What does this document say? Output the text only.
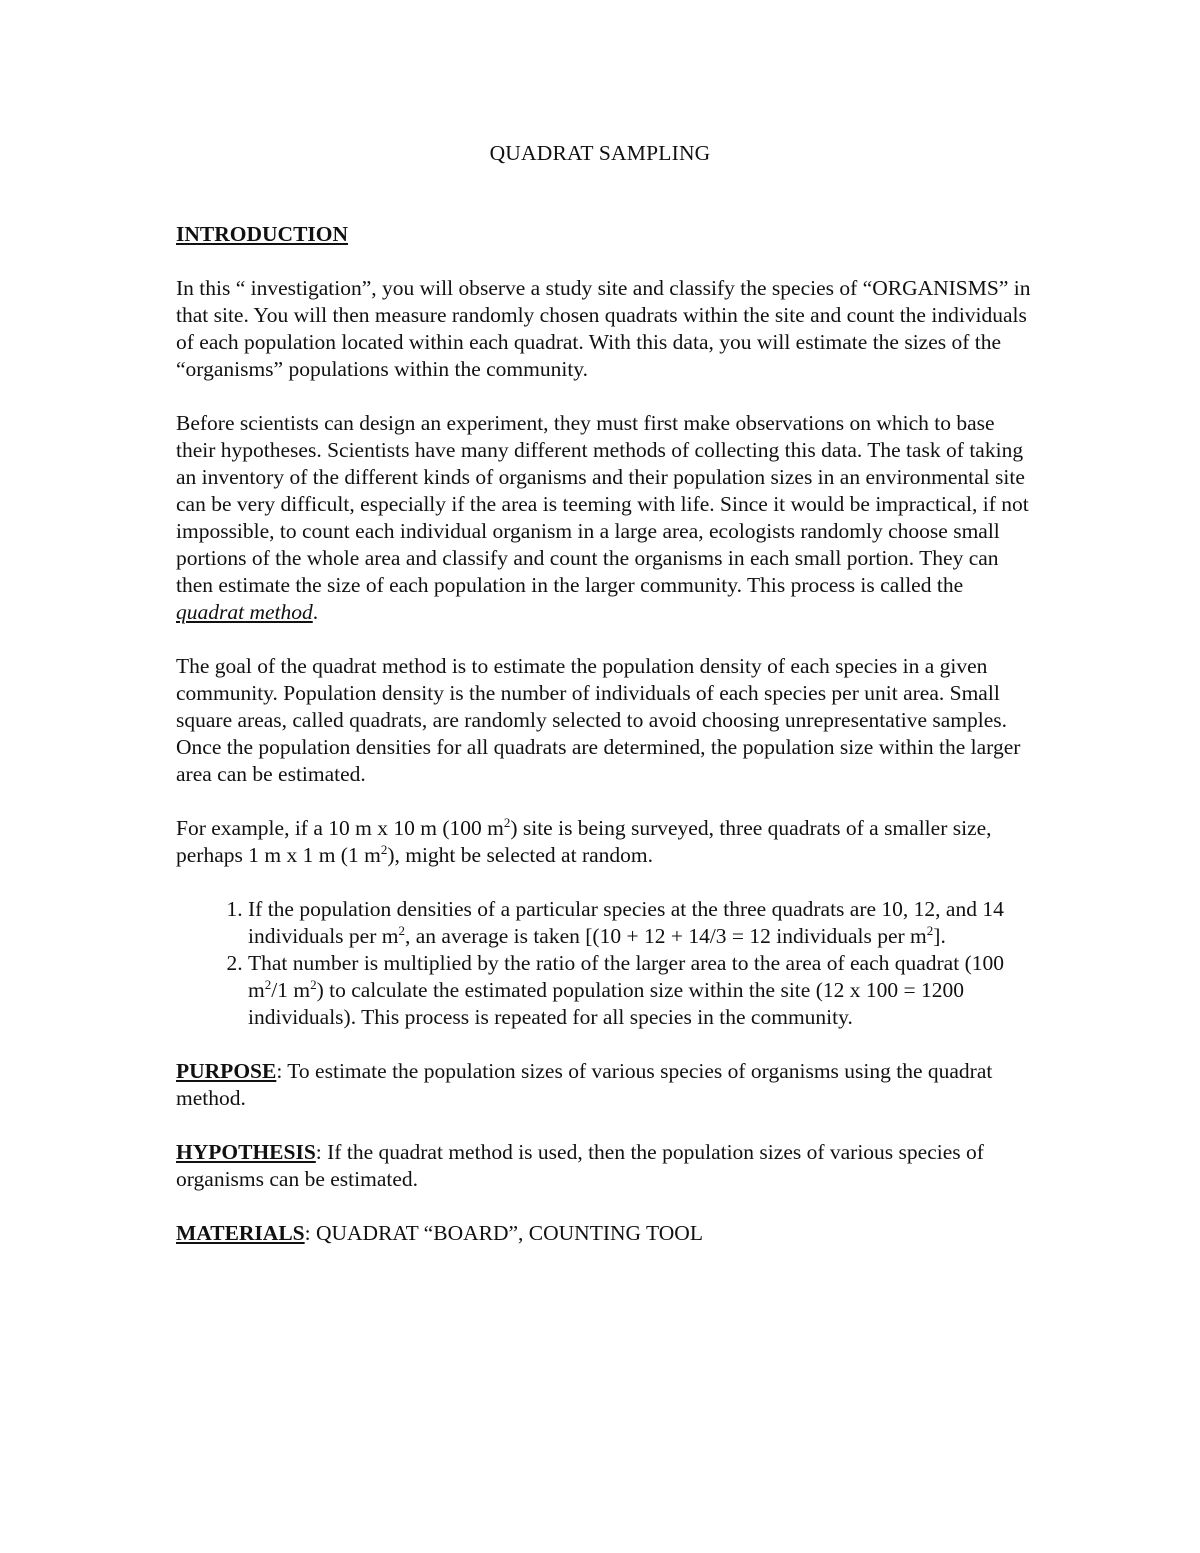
QUADRAT SAMPLING
INTRODUCTION

In this “ investigation”, you will observe a study site and classify the species of “ORGANISMS” in that site. You will then measure randomly chosen quadrats within the site and count the individuals of each population located within each quadrat. With this data, you will estimate the sizes of the “organisms” populations within the community.

Before scientists can design an experiment, they must first make observations on which to base their hypotheses. Scientists have many different methods of collecting this data. The task of taking an inventory of the different kinds of organisms and their population sizes in an environmental site can be very difficult, especially if the area is teeming with life. Since it would be impractical, if not impossible, to count each individual organism in a large area, ecologists randomly choose small portions of the whole area and classify and count the organisms in each small portion. They can then estimate the size of each population in the larger community. This process is called the quadrat method.

The goal of the quadrat method is to estimate the population density of each species in a given community. Population density is the number of individuals of each species per unit area. Small square areas, called quadrats, are randomly selected to avoid choosing unrepresentative samples. Once the population densities for all quadrats are determined, the population size within the larger area can be estimated.

For example, if a 10 m x 10 m (100 $m^2$) site is being surveyed, three quadrats of a smaller size, perhaps 1 m x 1 m (1 $m^2$), might be selected at random.

1. If the population densities of a particular species at the three quadrats are 10, 12, and 14 individuals per $m^2$, an average is taken [(10 + 12 + 14/3 = 12 individuals per $m^2$].
2. That number is multiplied by the ratio of the larger area to the area of each quadrat (100 $m^2/1$ $m^2$) to calculate the estimated population size within the site (12 x 100 = 1200 individuals). This process is repeated for all species in the community.

PURPOSE: To estimate the population sizes of various species of organisms using the quadrat method.

HYPOTHESIS: If the quadrat method is used, then the population sizes of various species of organisms can be estimated.

MATERIALS: QUADRAT “BOARD”, COUNTING TOOL
